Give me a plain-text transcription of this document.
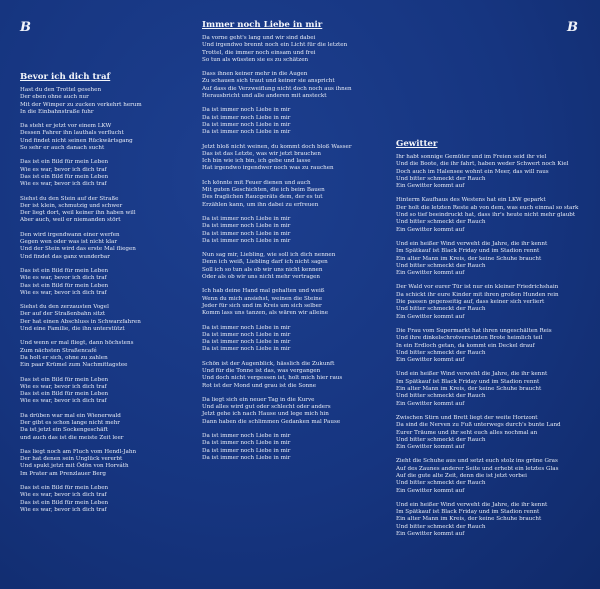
B	B
Bevor ich dich traf
Hast du den Trottel gesehen
Der eben ohne auch nur
Mit der Wimper zu zucken verkehrt herum
In die Einbahnstraße fuhr
Da steht er jetzt vor einem LKW
Dessen Fahrer ihn lauthals verflucht
Und findet nicht seinen Rückwärtsgang
So sehr er auch danach sucht
Das ist ein Bild für mein Leben
Wie es war, bevor ich dich traf
Das ist ein Bild für mein Leben
Wie es war, bevor ich dich traf
Siehst du den Stein auf der Straße
Der ist klein, schmutzig und schwer
Der liegt dort, weil keiner ihn haben will
Aber auch, weil er niemanden stört
Den wird irgendwann einer werfen
Gegen wen oder was ist nicht klar
Und der Stein wird das erste Mal fliegen
Und findet das ganz wunderbar
Das ist ein Bild für mein Leben
Wie es war, bevor ich dich traf
Das ist ein Bild für mein Leben
Wie es war, bevor ich dich traf
Siehst du den zerzausten Vogel
Der auf der Straßenbahn sitzt
Der hat einen Abschluss in Schwarzfahren
Und eine Familie, die ihn unterstützt
Und wenn er mal fliegt, dann höchstens
Zum nächsten Straßencafé
Da holt er sich, ohne zu zahlen
Ein paar Krümel zum Nachmittagstee
Das ist ein Bild für mein Leben
Wie es war, bevor ich dich traf
Das ist ein Bild für mein Leben
Wie es war, bevor ich dich traf
Da drüben war mal ein Wienerwald
Der gibt es schon lange nicht mehr
Da ist jetzt ein Sockengeschäft
und auch das ist die meiste Zeit leer
Das liegt noch am Fluch vom Hendl-Jahn
Der hat denen sein Unglück vererbt
Und spukt jetzt mit Ödön von Horváth
Im Prater am Prenzlauer Berg
Das ist ein Bild für mein Leben
Wie es war, bevor ich dich traf
Das ist ein Bild für mein Leben
Wie es war, bevor ich dich traf
Immer noch Liebe in mir
Da vorne geht's lang und wir sind dabei
Und irgendwo brennt noch ein Licht für die letzten
Trottel, die immer noch einsam und frei
So tun als wüssten sie es zu schätzen
Dass ihnen keiner mehr in die Augen
Zu schauen sich traut und keiner sie anspricht
Auf dass die Verzweiflung nicht doch noch aus ihnen
Herausbricht und alle anderen mit ansteckt
Da ist immer noch Liebe in mir
Da ist immer noch Liebe in mir
Da ist immer noch Liebe in mir
Da ist immer noch Liebe in mir
Jetzt bloß nicht weinen, du kommt doch bloß Wasser
Das ist das Letzte, was wir jetzt brauchen
Ich bin wie ich bin, ich gebe und lasse
Hat irgendwo irgendwer noch was zu rauchen
Ich könnte mit Feuer dienen und auch
Mit guten Geschichten, die ich beim Bauen
Des fraglichen Raucgeräts dem, der es tut
Erzählen kann, um ihn dabei zu erfreuen
Da ist immer noch Liebe in mir
Da ist immer noch Liebe in mir
Da ist immer noch Liebe in mir
Da ist immer noch Liebe in mir
Nun sag mir, Liebling, wie soll ich dich nennen
Denn ich weiß, Liebling darf ich nicht sagen
Soll ich so tun als ob wir uns nicht kennen
Oder als ob wir uns nicht mehr vertragen
Ich hab deine Hand mal gehalten und weiß
Wenn du mich ansiehst, weinen die Steine
Jeder für sich und im Kreis um sich selber
Komm lass uns tanzen, als wären wir alleine
Da ist immer noch Liebe in mir
Da ist immer noch Liebe in mir
Da ist immer noch Liebe in mir
Da ist immer noch Liebe in mir
Schön ist der Augenblick, hässlich die Zukunft
Und für die Tonne ist das, was vergangen
Und doch nicht vergessen ist, holt mich hier raus
Rot ist der Mond und grau ist die Sonne
Da liegt sich ein neuer Tag in die Kurve
Und alles wird gut oder schlecht oder anders
Jetzt gehe ich nach Hause und lege mich hin
Dann haben die schlimmen Gedanken mal Pause
Da ist immer noch Liebe in mir
Da ist immer noch Liebe in mir
Da ist immer noch Liebe in mir
Da ist immer noch Liebe in mir
Gewitter
Ihr habt sonnige Gemüter und im Freien seid ihr viel
Und die Boote, die ihr fahrt, haben weder Schwert noch Kiel
Doch auch im Halensee wohnt ein Meer, das will raus
Und bitter schmeckt der Rauch
Ein Gewitter kommt auf
Hinterm Kaufhaus des Westens hat ein LKW geparkt
Der holt die letzten Reste ab von dem, was euch einmal so stark
Und so tief beeindruckt hat, dass ihr's heute nicht mehr glaubt
Und bitter schmeckt der Rauch
Ein Gewitter kommt auf
Und ein heißer Wind verweht die Jahre, die ihr kennt
Im Spätkauf ist Black Friday und im Stadion rennt
Ein alter Mann im Kreis, der keine Schuhe braucht
Und bitter schmeckt der Rauch
Ein Gewitter kommt auf
Der Wald vor eurer Tür ist nur ein kleiner Friedrichshain
Da schickt ihr eure Kinder mit ihren großen Hunden rein
Die passen gegenseitig auf, dass keiner sich verliert
Und bitter schmeckt der Rauch
Ein Gewitter kommt auf
Die Frau vom Supermarkt hat ihren ungeschälten Reis
Und ihre dinkelschrotversetzten Brote heimlich teil
In ein Erdloch getan, da kommt ein Deckel drauf
Und bitter schmeckt der Rauch
Ein Gewitter kommt auf
Und ein heißer Wind verweht die Jahre, die ihr kennt
Im Spätkauf ist Black Friday und im Stadion rennt
Ein alter Mann im Kreis, der keine Schuhe braucht
Und bitter schmeckt der Rauch
Ein Gewitter kommt auf
Zwischen Stirn und Brett liegt der weite Horizont
Da sind die Nerven zu Fuß unterwegs durch's bunte Land
Eurer Träume und ihr seht euch alles nochmal an
Und bitter schmeckt der Rauch
Ein Gewitter kommt auf
Zieht die Schuhe aus und setzt euch stolz ins grüne Gras
Auf des Zaunes anderer Seite und erhebt ein letztes Glas
Auf die gute alte Zeit, denn die ist jetzt vorbei
Und bitter schmeckt der Rauch
Ein Gewitter kommt auf
Und ein heißer Wind verweht die Jahre, die ihr kennt
Im Spätkauf ist Black Friday und im Stadion rennt
Ein alter Mann im Kreis, der keine Schuhe braucht
Und bitter schmeckt der Rauch
Ein Gewitter kommt auf
